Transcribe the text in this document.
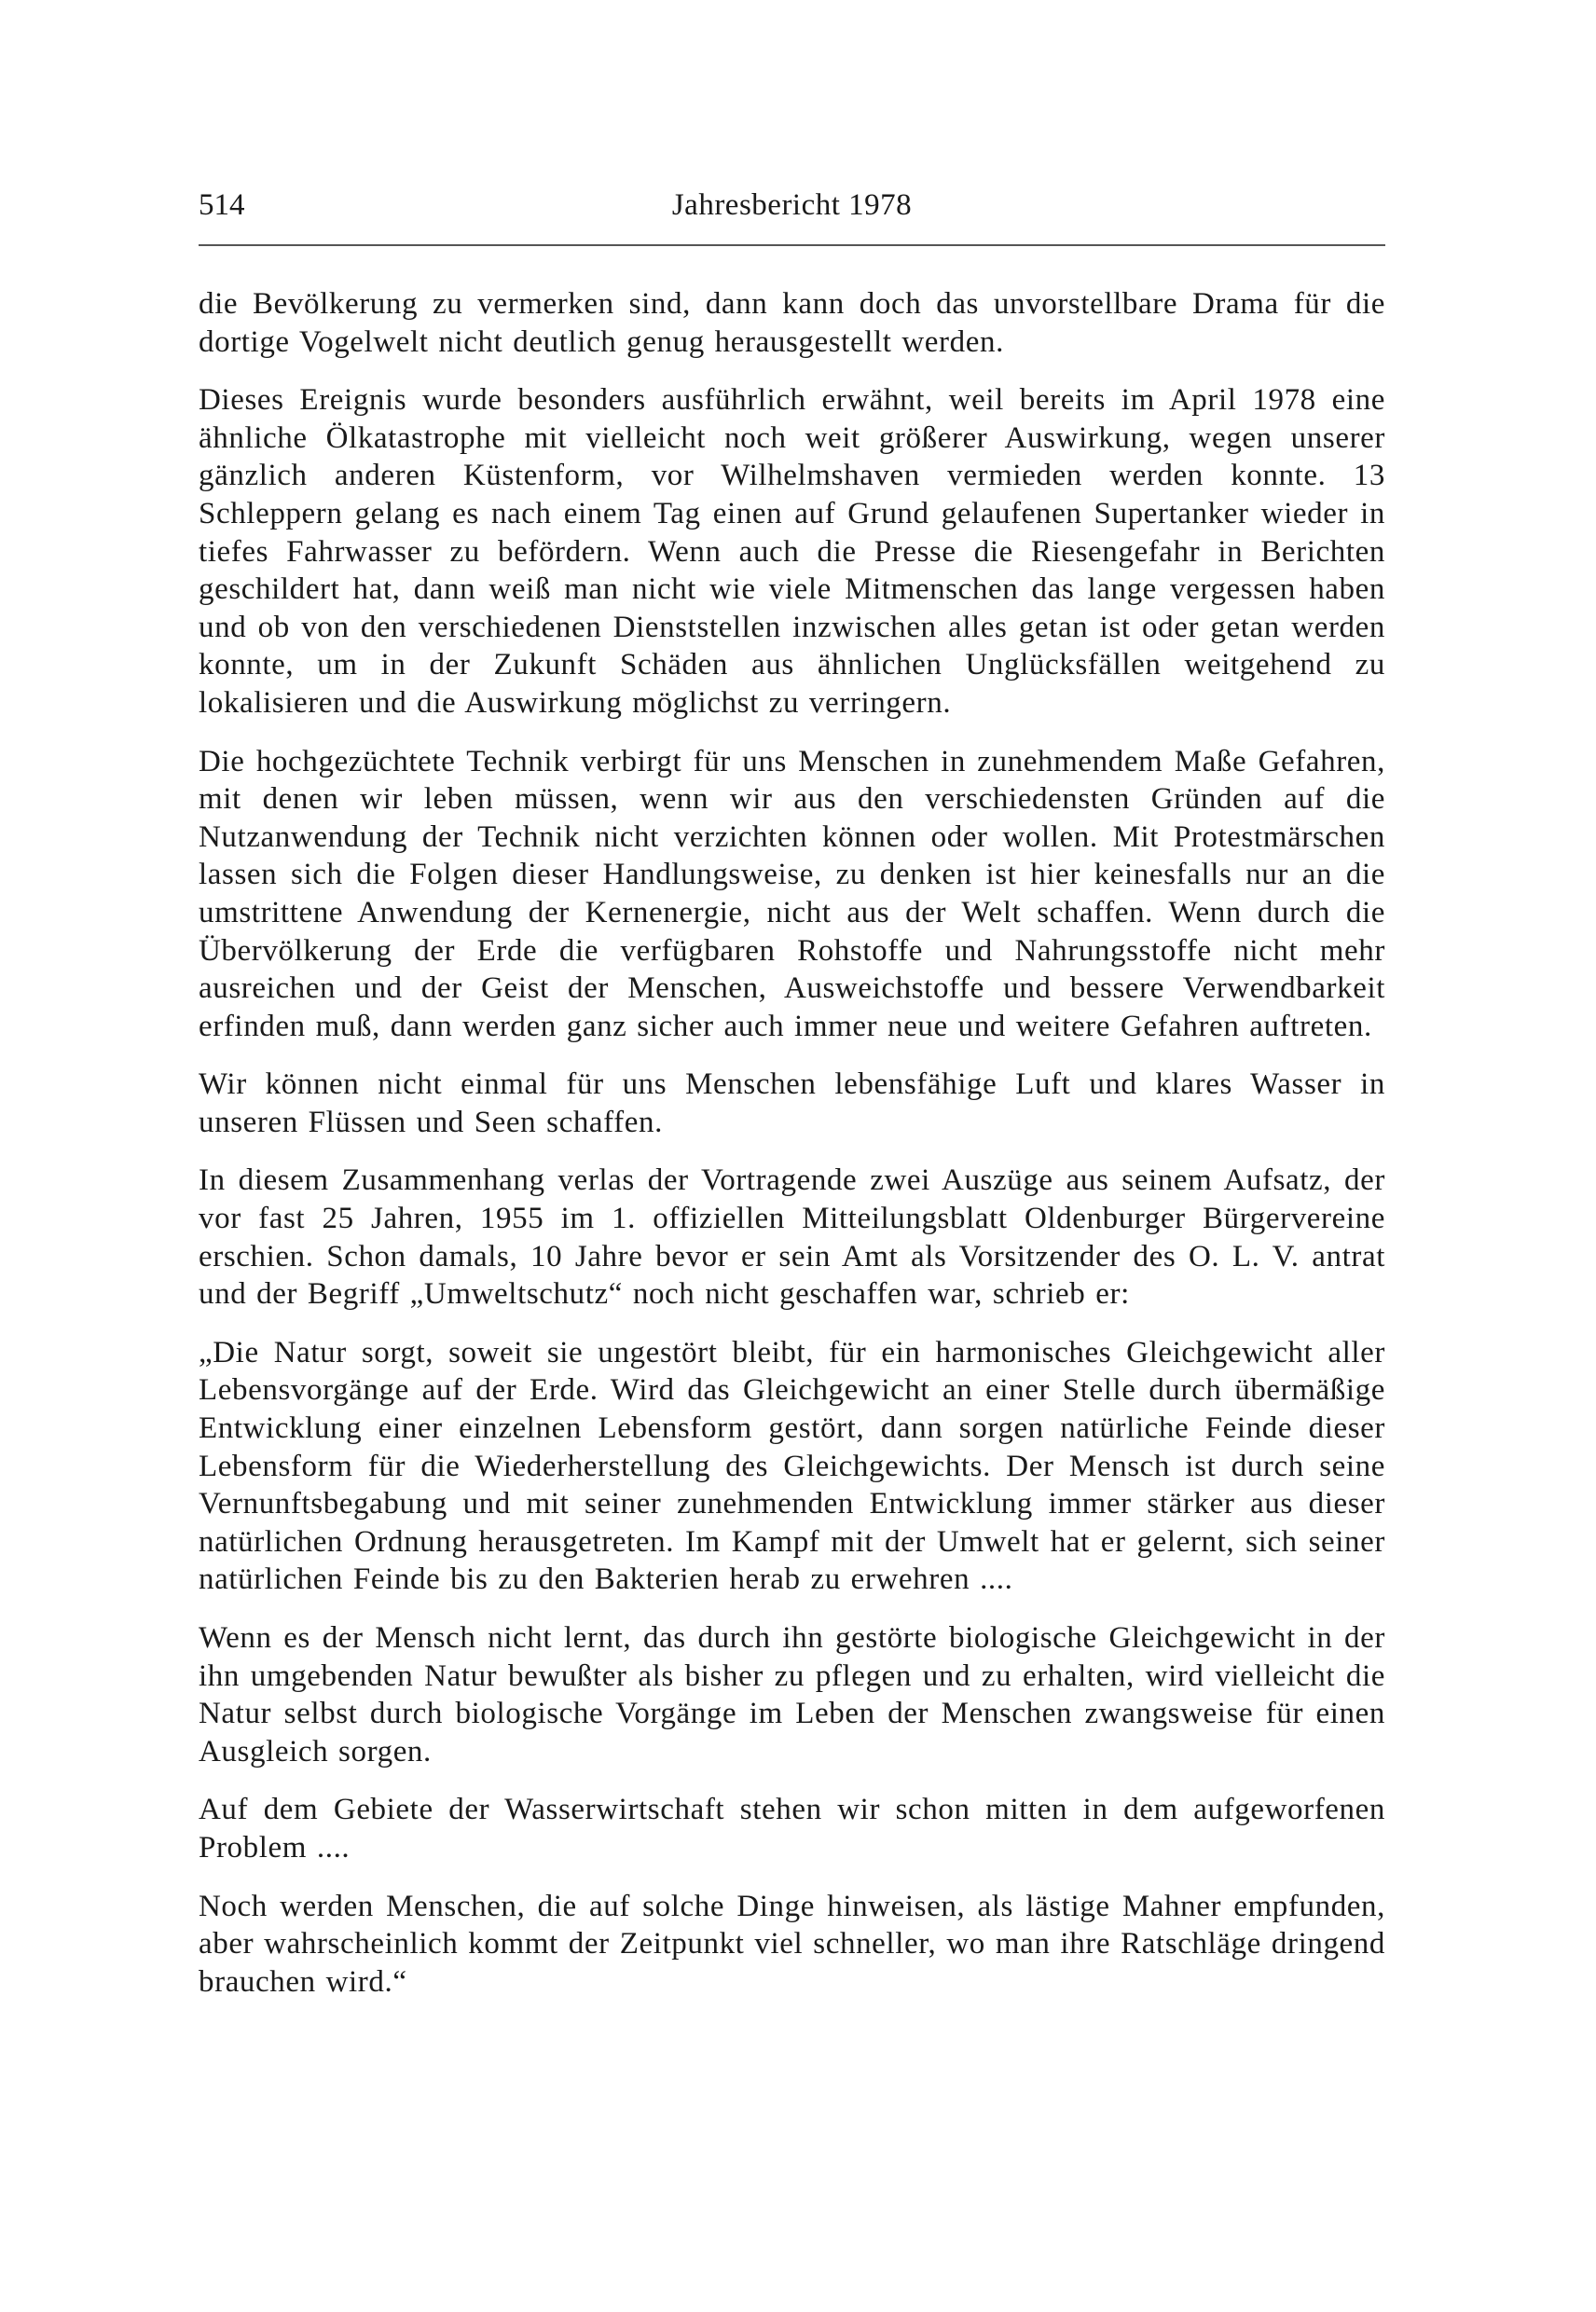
514	Jahresbericht 1978

die Bevölkerung zu vermerken sind, dann kann doch das unvorstellbare Drama für die dortige Vogelwelt nicht deutlich genug herausgestellt werden.

Dieses Ereignis wurde besonders ausführlich erwähnt, weil bereits im April 1978 eine ähnliche Ölkatastrophe mit vielleicht noch weit größerer Auswirkung, wegen unserer gänzlich anderen Küstenform, vor Wilhelmshaven vermieden werden konnte. 13 Schleppern gelang es nach einem Tag einen auf Grund gelaufenen Supertanker wieder in tiefes Fahrwasser zu befördern. Wenn auch die Presse die Riesengefahr in Berichten geschildert hat, dann weiß man nicht wie viele Mitmenschen das lange vergessen haben und ob von den verschiedenen Dienststellen inzwischen alles getan ist oder getan werden konnte, um in der Zukunft Schäden aus ähnlichen Unglücksfällen weitgehend zu lokalisieren und die Auswirkung möglichst zu verringern.

Die hochgezüchtete Technik verbirgt für uns Menschen in zunehmendem Maße Gefahren, mit denen wir leben müssen, wenn wir aus den verschiedensten Gründen auf die Nutzanwendung der Technik nicht verzichten können oder wollen. Mit Protestmärschen lassen sich die Folgen dieser Handlungsweise, zu denken ist hier keinesfalls nur an die umstrittene Anwendung der Kernenergie, nicht aus der Welt schaffen. Wenn durch die Übervölkerung der Erde die verfügbaren Rohstoffe und Nahrungsstoffe nicht mehr ausreichen und der Geist der Menschen, Ausweichstoffe und bessere Verwendbarkeit erfinden muß, dann werden ganz sicher auch immer neue und weitere Gefahren auftreten.

Wir können nicht einmal für uns Menschen lebensfähige Luft und klares Wasser in unseren Flüssen und Seen schaffen.

In diesem Zusammenhang verlas der Vortragende zwei Auszüge aus seinem Aufsatz, der vor fast 25 Jahren, 1955 im 1. offiziellen Mitteilungsblatt Oldenburger Bürgervereine erschien. Schon damals, 10 Jahre bevor er sein Amt als Vorsitzender des O. L. V. antrat und der Begriff „Umweltschutz“ noch nicht geschaffen war, schrieb er:

„Die Natur sorgt, soweit sie ungestört bleibt, für ein harmonisches Gleichgewicht aller Lebensvorgänge auf der Erde. Wird das Gleichgewicht an einer Stelle durch übermäßige Entwicklung einer einzelnen Lebensform gestört, dann sorgen natürliche Feinde dieser Lebensform für die Wiederherstellung des Gleichgewichts. Der Mensch ist durch seine Vernunftsbegabung und mit seiner zunehmenden Entwicklung immer stärker aus dieser natürlichen Ordnung herausgetreten. Im Kampf mit der Umwelt hat er gelernt, sich seiner natürlichen Feinde bis zu den Bakterien herab zu erwehren ....

Wenn es der Mensch nicht lernt, das durch ihn gestörte biologische Gleichgewicht in der ihn umgebenden Natur bewußter als bisher zu pflegen und zu erhalten, wird vielleicht die Natur selbst durch biologische Vorgänge im Leben der Menschen zwangsweise für einen Ausgleich sorgen.

Auf dem Gebiete der Wasserwirtschaft stehen wir schon mitten in dem aufgeworfenen Problem ....

Noch werden Menschen, die auf solche Dinge hinweisen, als lästige Mahner empfunden, aber wahrscheinlich kommt der Zeitpunkt viel schneller, wo man ihre Ratschläge dringend brauchen wird.“
